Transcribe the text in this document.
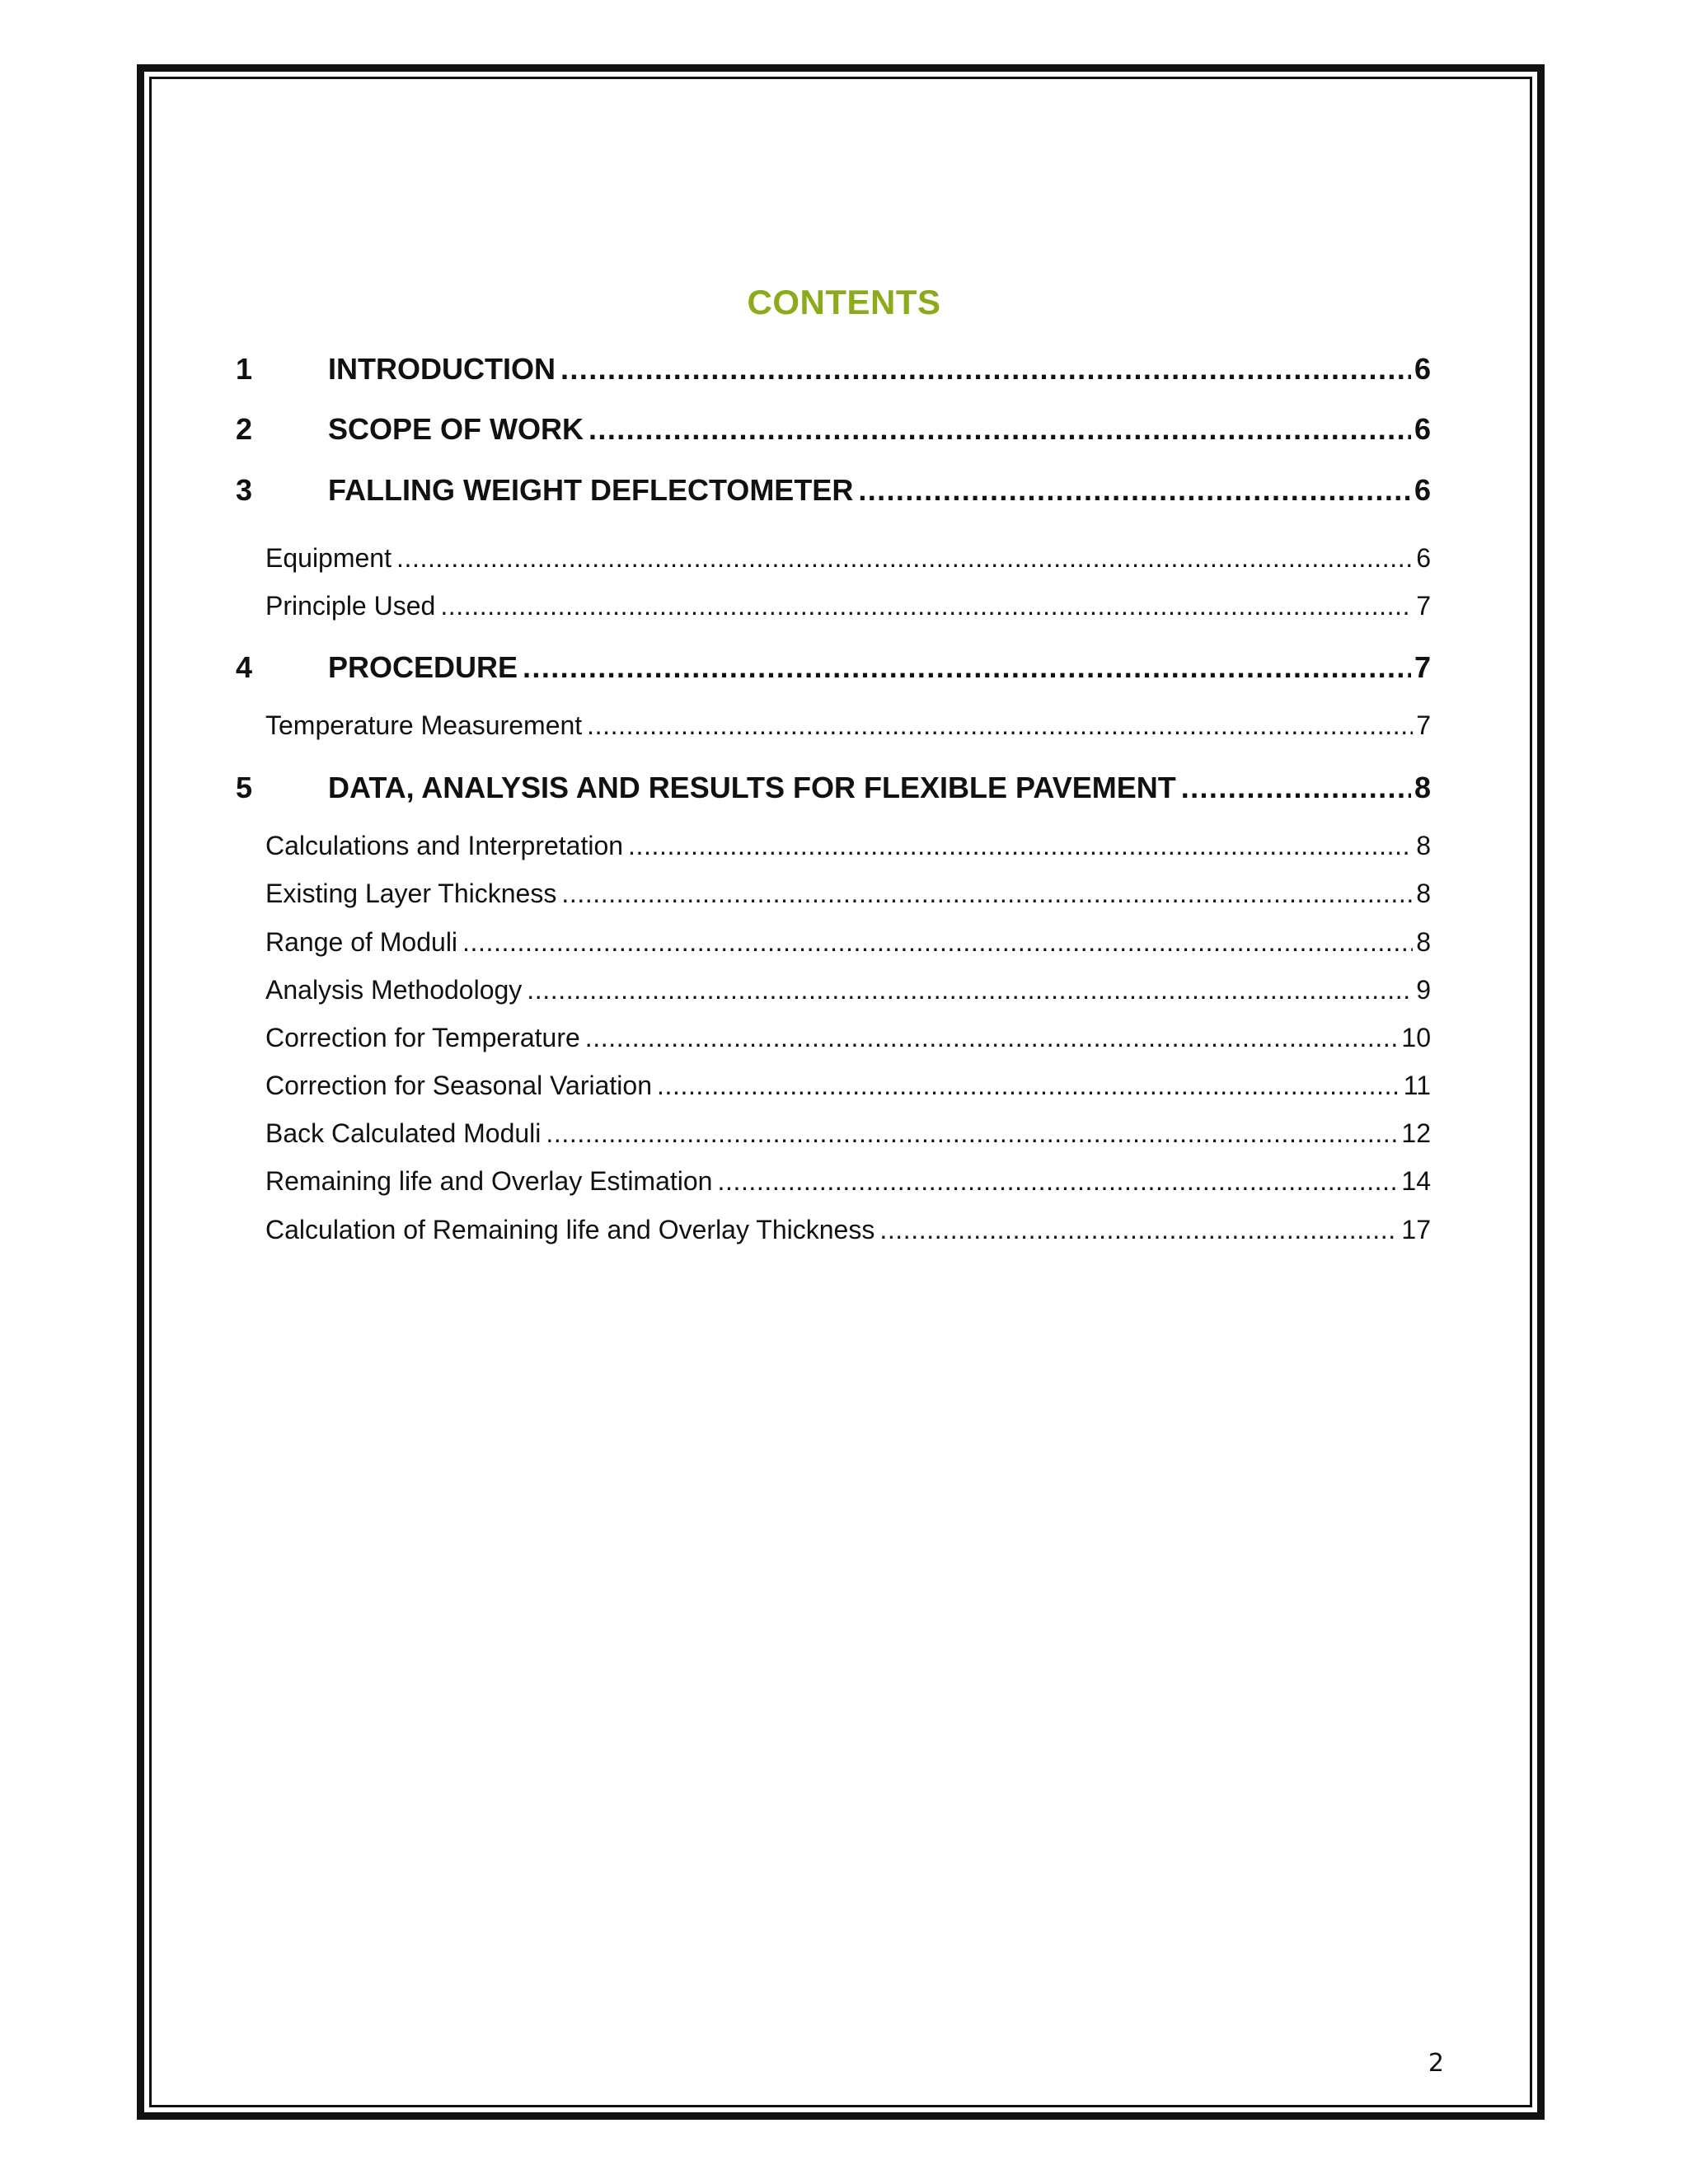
CONTENTS
1	INTRODUCTION .....	6
2	SCOPE OF WORK .....	6
3	FALLING WEIGHT DEFLECTOMETER .....	6
Equipment .....	6
Principle Used .....	7
4	PROCEDURE .....	7
Temperature Measurement .....	7
5	DATA, ANALYSIS AND RESULTS FOR FLEXIBLE PAVEMENT .....	8
Calculations and Interpretation .....	8
Existing Layer Thickness .....	8
Range of Moduli .....	8
Analysis Methodology .....	9
Correction for Temperature .....	10
Correction for Seasonal Variation .....	11
Back Calculated Moduli .....	12
Remaining life and Overlay Estimation .....	14
Calculation of Remaining life and Overlay Thickness .....	17
2
